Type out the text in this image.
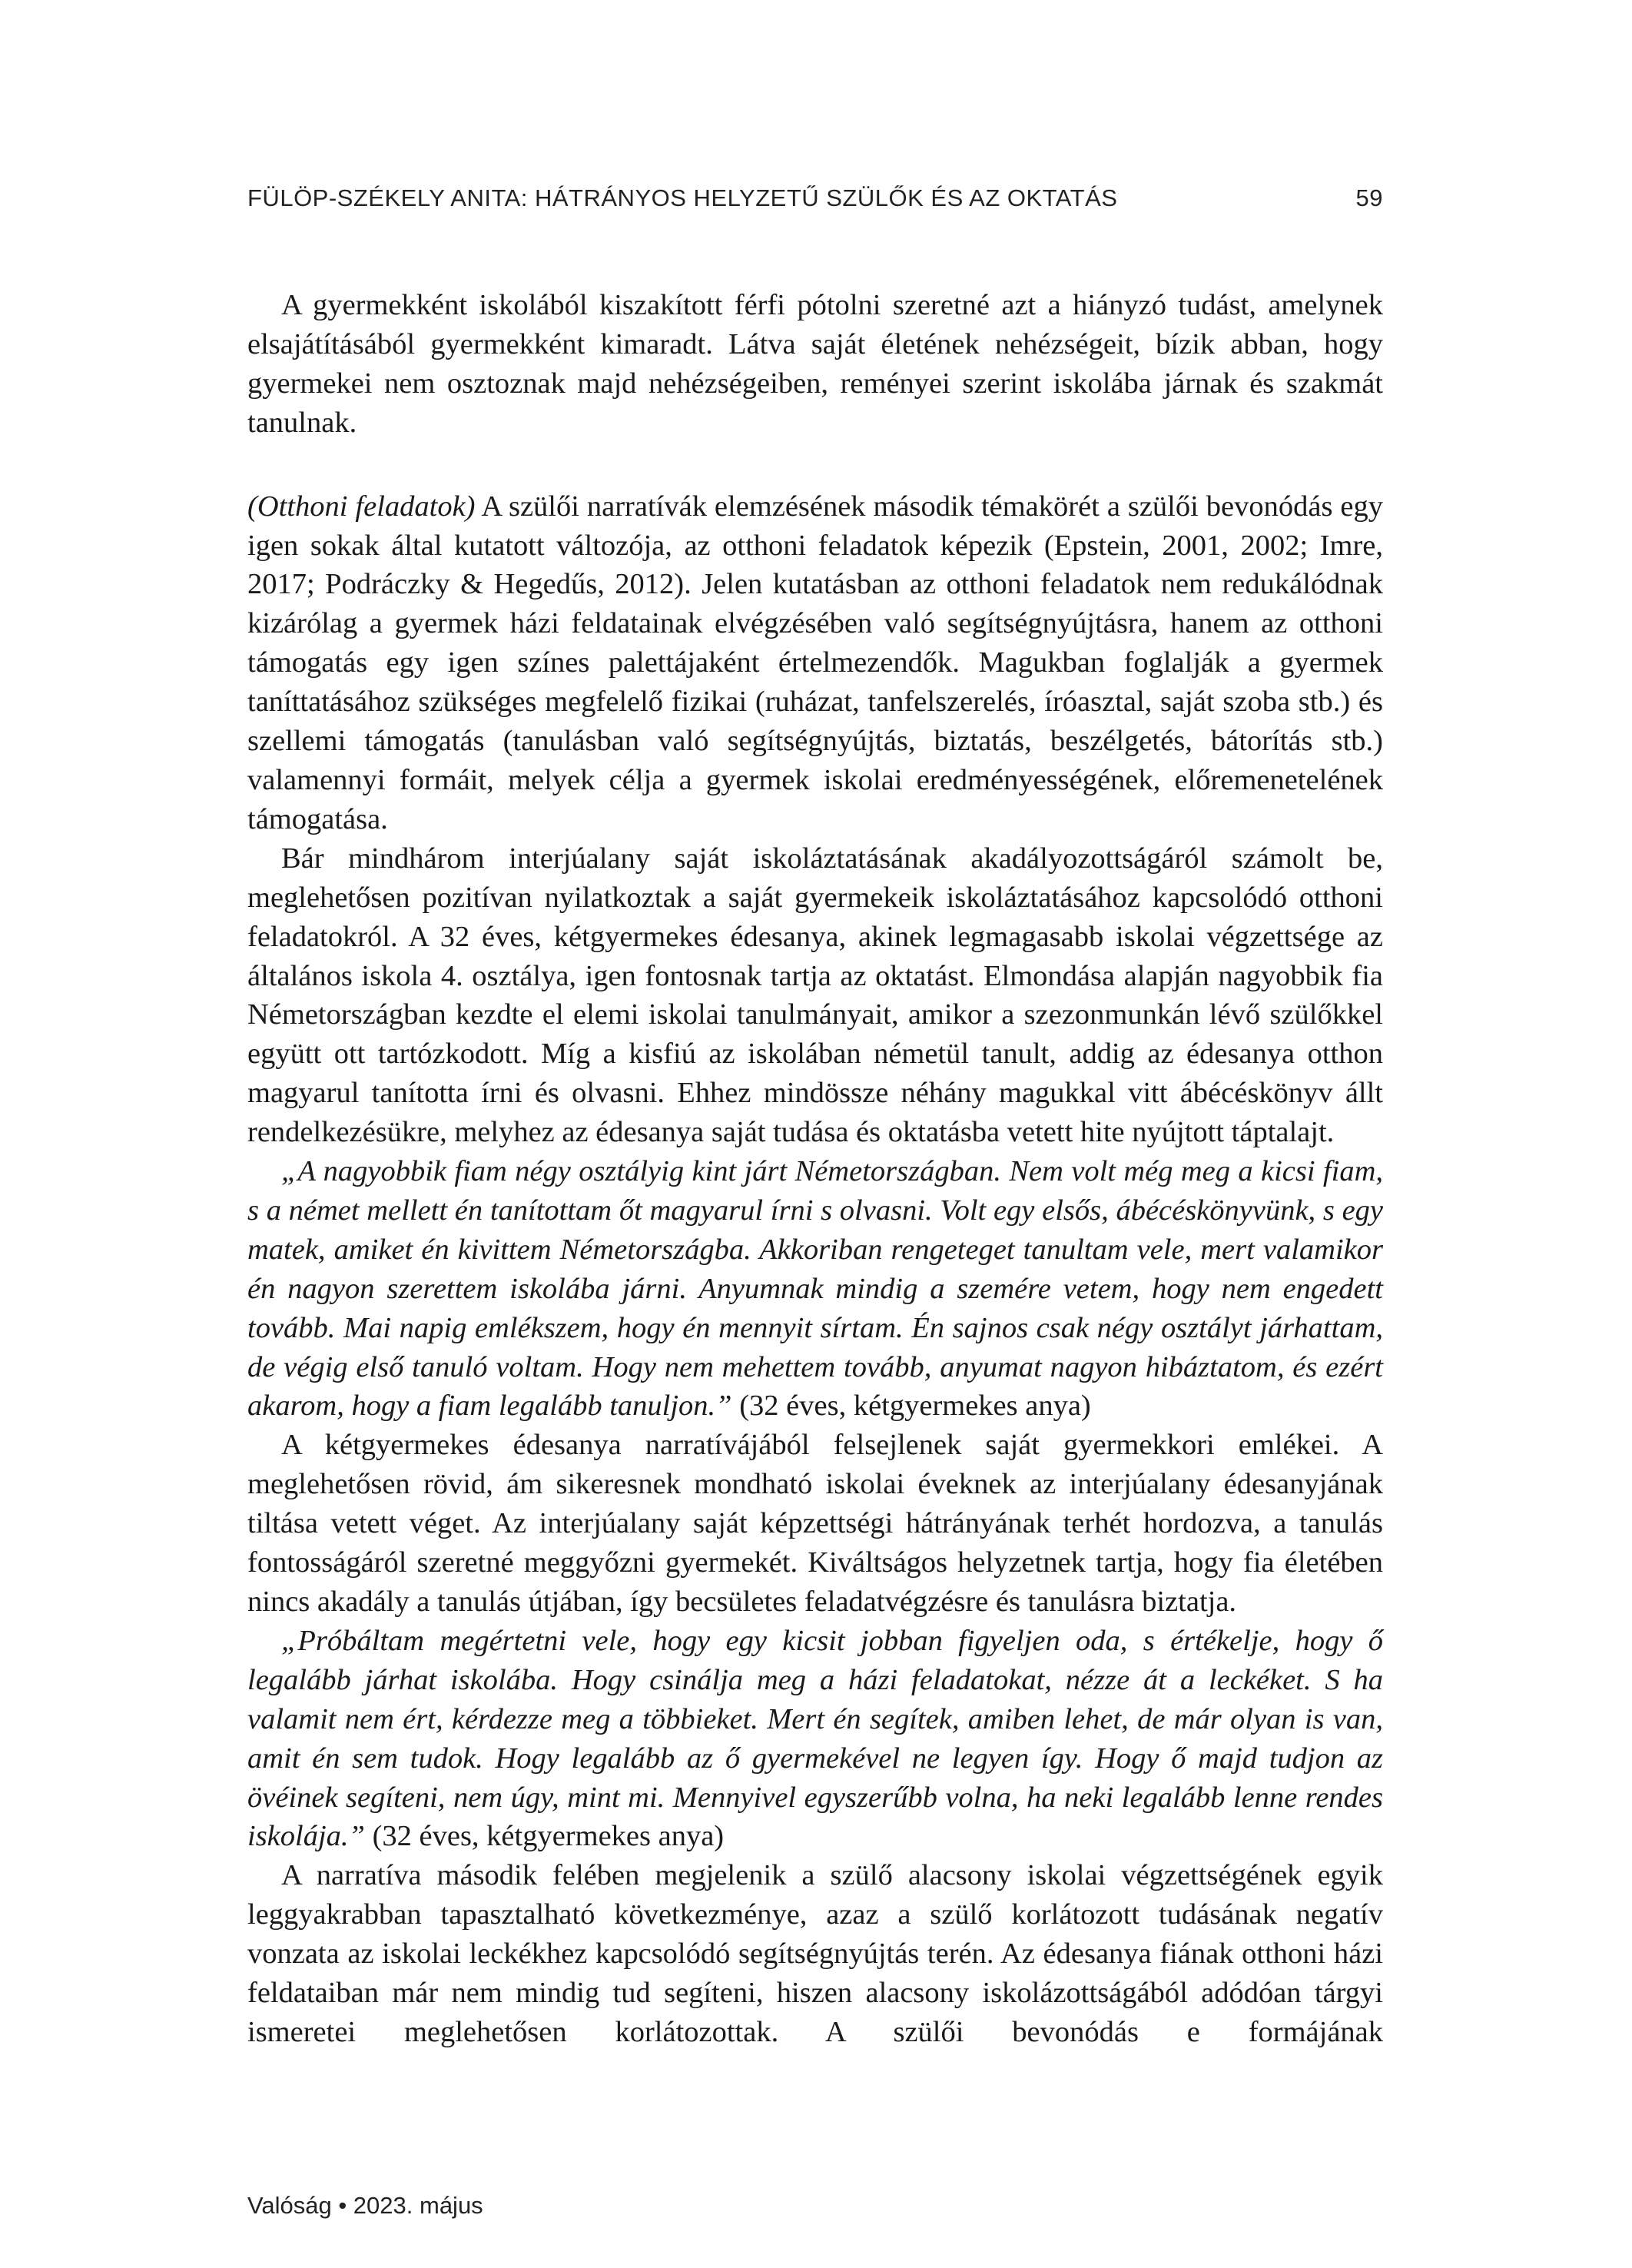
FÜLÖP-SZÉKELY ANITA: HÁTRÁNYOS HELYZETŰ SZÜLŐK ÉS AZ OKTATÁS	59

A gyermekként iskolából kiszakított férfi pótolni szeretné azt a hiányzó tudást, amelynek elsajátításából gyermekként kimaradt. Látva saját életének nehézségeit, bízik abban, hogy gyermekei nem osztoznak majd nehézségeiben, reményei szerint iskolába járnak és szakmát tanulnak.

(Otthoni feladatok) A szülői narratívák elemzésének második témakörét a szülői bevonódás egy igen sokak által kutatott változója, az otthoni feladatok képezik (Epstein, 2001, 2002; Imre, 2017; Podráczky & Hegedűs, 2012). Jelen kutatásban az otthoni feladatok nem redukálódnak kizárólag a gyermek házi feldatainak elvégzésében való segítségnyújtásra, hanem az otthoni támogatás egy igen színes palettájaként értelmezendők. Magukban foglalják a gyermek taníttatásához szükséges megfelelő fizikai (ruházat, tanfelszerelés, íróasztal, saját szoba stb.) és szellemi támogatás (tanulásban való segítségnyújtás, biztatás, beszélgetés, bátorítás stb.) valamennyi formáit, melyek célja a gyermek iskolai eredményességének, előremenetelének támogatása.

Bár mindhárom interjúalany saját iskoláztatásának akadályozottságáról számolt be, meglehetősen pozitívan nyilatkoztak a saját gyermekeik iskoláztatásához kapcsolódó otthoni feladatokról. A 32 éves, kétgyermekes édesanya, akinek legmagasabb iskolai végzettsége az általános iskola 4. osztálya, igen fontosnak tartja az oktatást. Elmondása alapján nagyobbik fia Németországban kezdte el elemi iskolai tanulmányait, amikor a szezonmunkán lévő szülőkkel együtt ott tartózkodott. Míg a kisfiú az iskolában németül tanult, addig az édesanya otthon magyarul tanította írni és olvasni. Ehhez mindössze néhány magukkal vitt ábécéskönyv állt rendelkezésükre, melyhez az édesanya saját tudása és oktatásba vetett hite nyújtott táptalajt.

„A nagyobbik fiam négy osztályig kint járt Németországban. Nem volt még meg a kicsi fiam, s a német mellett én tanítottam őt magyarul írni s olvasni. Volt egy elsős, ábécéskönyvünk, s egy matek, amiket én kivittem Németországba. Akkoriban rengeteget tanultam vele, mert valamikor én nagyon szerettem iskolába járni. Anyumnak mindig a szemére vetem, hogy nem engedett tovább. Mai napig emlékszem, hogy én mennyit sírtam. Én sajnos csak négy osztályt járhattam, de végig első tanuló voltam. Hogy nem mehettem tovább, anyumat nagyon hibáztatom, és ezért akarom, hogy a fiam legalább tanuljon.” (32 éves, kétgyermekes anya)

A kétgyermekes édesanya narratívájából felsejlenek saját gyermekkori emlékei. A meglehetősen rövid, ám sikeresnek mondható iskolai éveknek az interjúalany édesanyjának tiltása vetett véget. Az interjúalany saját képzettségi hátrányának terhét hordozva, a tanulás fontosságáról szeretné meggyőzni gyermekét. Kiváltságos helyzetnek tartja, hogy fia életében nincs akadály a tanulás útjában, így becsületes feladatvégzésre és tanulásra biztatja.

„Próbáltam megértetni vele, hogy egy kicsit jobban figyeljen oda, s értékelje, hogy ő legalább járhat iskolába. Hogy csinálja meg a házi feladatokat, nézze át a leckéket. S ha valamit nem ért, kérdezze meg a többieket. Mert én segítek, amiben lehet, de már olyan is van, amit én sem tudok. Hogy legalább az ő gyermekével ne legyen így. Hogy ő majd tudjon az övéinek segíteni, nem úgy, mint mi. Mennyivel egyszerűbb volna, ha neki legalább lenne rendes iskolája.” (32 éves, kétgyermekes anya)

A narratíva második felében megjelenik a szülő alacsony iskolai végzettségének egyik leggyakrabban tapasztalható következménye, azaz a szülő korlátozott tudásának negatív vonzata az iskolai leckékhez kapcsolódó segítségnyújtás terén. Az édesanya fiának otthoni házi feldataiban már nem mindig tud segíteni, hiszen alacsony iskolázottságából adódóan tárgyi ismeretei meglehetősen korlátozottak. A szülői bevonódás e formájának

Valóság • 2023. május
